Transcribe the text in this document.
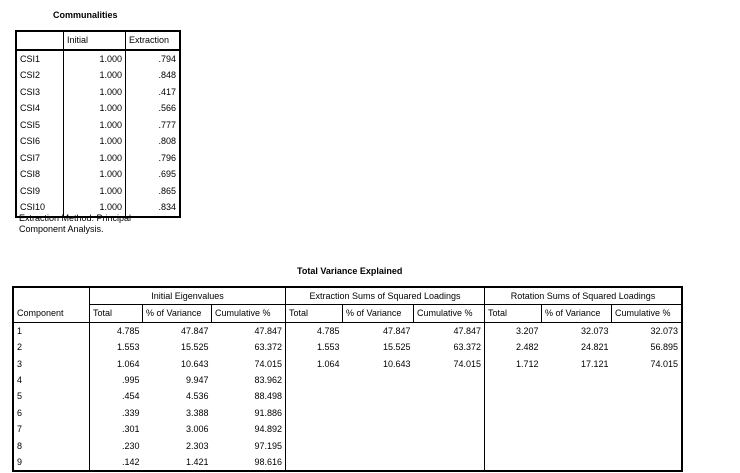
Communalities
	Initial	Extraction
CSI1	1.000	.794
CSI2	1.000	.848
CSI3	1.000	.417
CSI4	1.000	.566
CSI5	1.000	.777
CSI6	1.000	.808
CSI7	1.000	.796
CSI8	1.000	.695
CSI9	1.000	.865
CSI10	1.000	.834
Extraction Method: Principal
Component Analysis.
Total Variance Explained
Component	Initial Eigenvalues			Extraction Sums of Squared Loadings			Rotation Sums of Squared Loadings		
	Total	% of Variance	Cumulative %	Total	% of Variance	Cumulative %	Total	% of Variance	Cumulative %
1	4.785	47.847	47.847	4.785	47.847	47.847	3.207	32.073	32.073
2	1.553	15.525	63.372	1.553	15.525	63.372	2.482	24.821	56.895
3	1.064	10.643	74.015	1.064	10.643	74.015	1.712	17.121	74.015
4	.995	9.947	83.962						
5	.454	4.536	88.498						
6	.339	3.388	91.886						
7	.301	3.006	94.892						
8	.230	2.303	97.195						
9	.142	1.421	98.616						
